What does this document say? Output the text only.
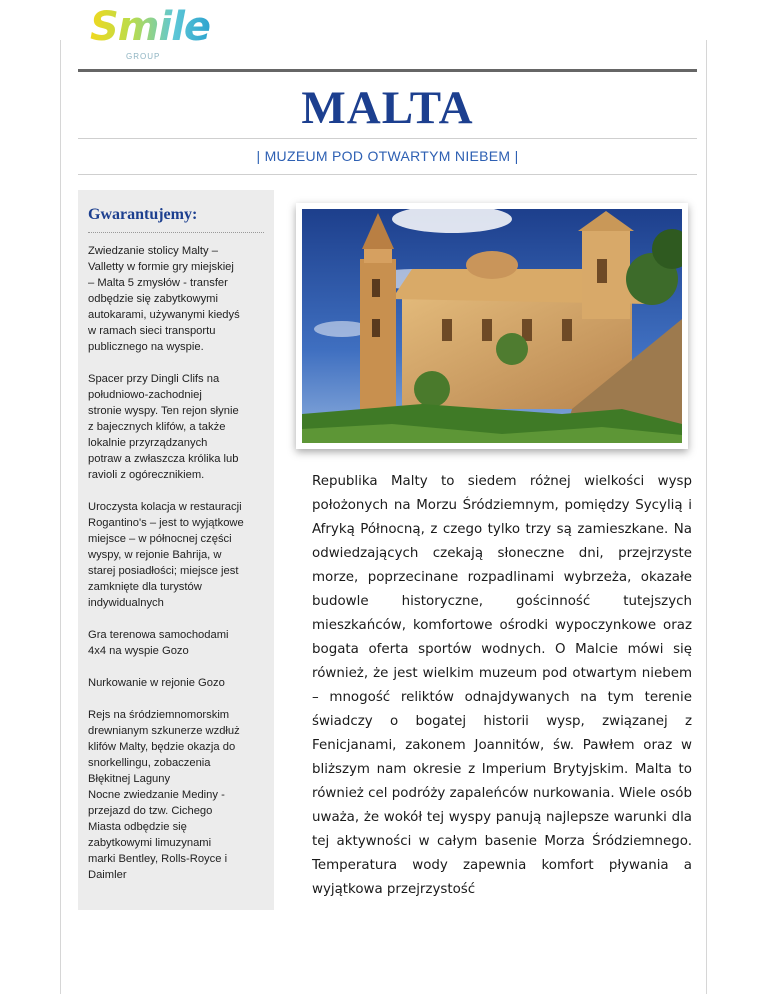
Smile
GROUP
MALTA
| MUZEUM POD OTWARTYM NIEBEM |
Gwarantujemy:

Zwiedzanie stolicy Malty –
Valletty w formie gry miejskiej
– Malta 5 zmysłów - transfer
odbędzie się zabytkowymi
autokarami, używanymi kiedyś
w ramach sieci transportu
publicznego na wyspie.

Spacer przy Dingli Clifs na
południowo-zachodniej
stronie wyspy. Ten rejon słynie
z bajecznych klifów, a także
lokalnie przyrządzanych
potraw a zwłaszcza królika lub
ravioli z ogórecznikiem.

Uroczysta kolacja w restauracji
Rogantino's – jest to wyjątkowe
miejsce – w północnej części
wyspy, w rejonie Bahrija, w
starej posiadłości; miejsce jest
zamknięte dla turystów
indywidualnych

Gra terenowa samochodami
4x4 na wyspie Gozo

Nurkowanie w rejonie Gozo

Rejs na śródziemnomorskim
drewnianym szkunerze wzdłuż
klifów Malty, będzie okazja do
snorkellingu, zobaczenia
Błękitnej Laguny
Nocne zwiedzanie Mediny -
przejazd do tzw. Cichego
Miasta odbędzie się
zabytkowymi limuzynami
marki Bentley, Rolls-Royce i
Daimler

Republika Malty to siedem różnej wielkości wysp położonych na Morzu Śródziemnym, pomiędzy Sycylią i Afryką Północną, z czego tylko trzy są zamieszkane. Na odwiedzających czekają słoneczne dni, przejrzyste morze, poprzecinane rozpadlinami wybrzeża, okazałe budowle historyczne, gościnność tutejszych mieszkańców, komfortowe ośrodki wypoczynkowe oraz bogata oferta sportów wodnych. O Malcie mówi się również, że jest wielkim muzeum pod otwartym niebem – mnogość reliktów odnajdywanych na tym terenie świadczy o bogatej historii wysp, związanej z Fenicjanami, zakonem Joannitów, św. Pawłem oraz w bliższym nam okresie z Imperium Brytyjskim. Malta to również cel podróży zapaleńców nurkowania. Wiele osób uważa, że wokół tej wyspy panują najlepsze warunki dla tej aktywności w całym basenie Morza Śródziemnego. Temperatura wody zapewnia komfort pływania a wyjątkowa przejrzystość
